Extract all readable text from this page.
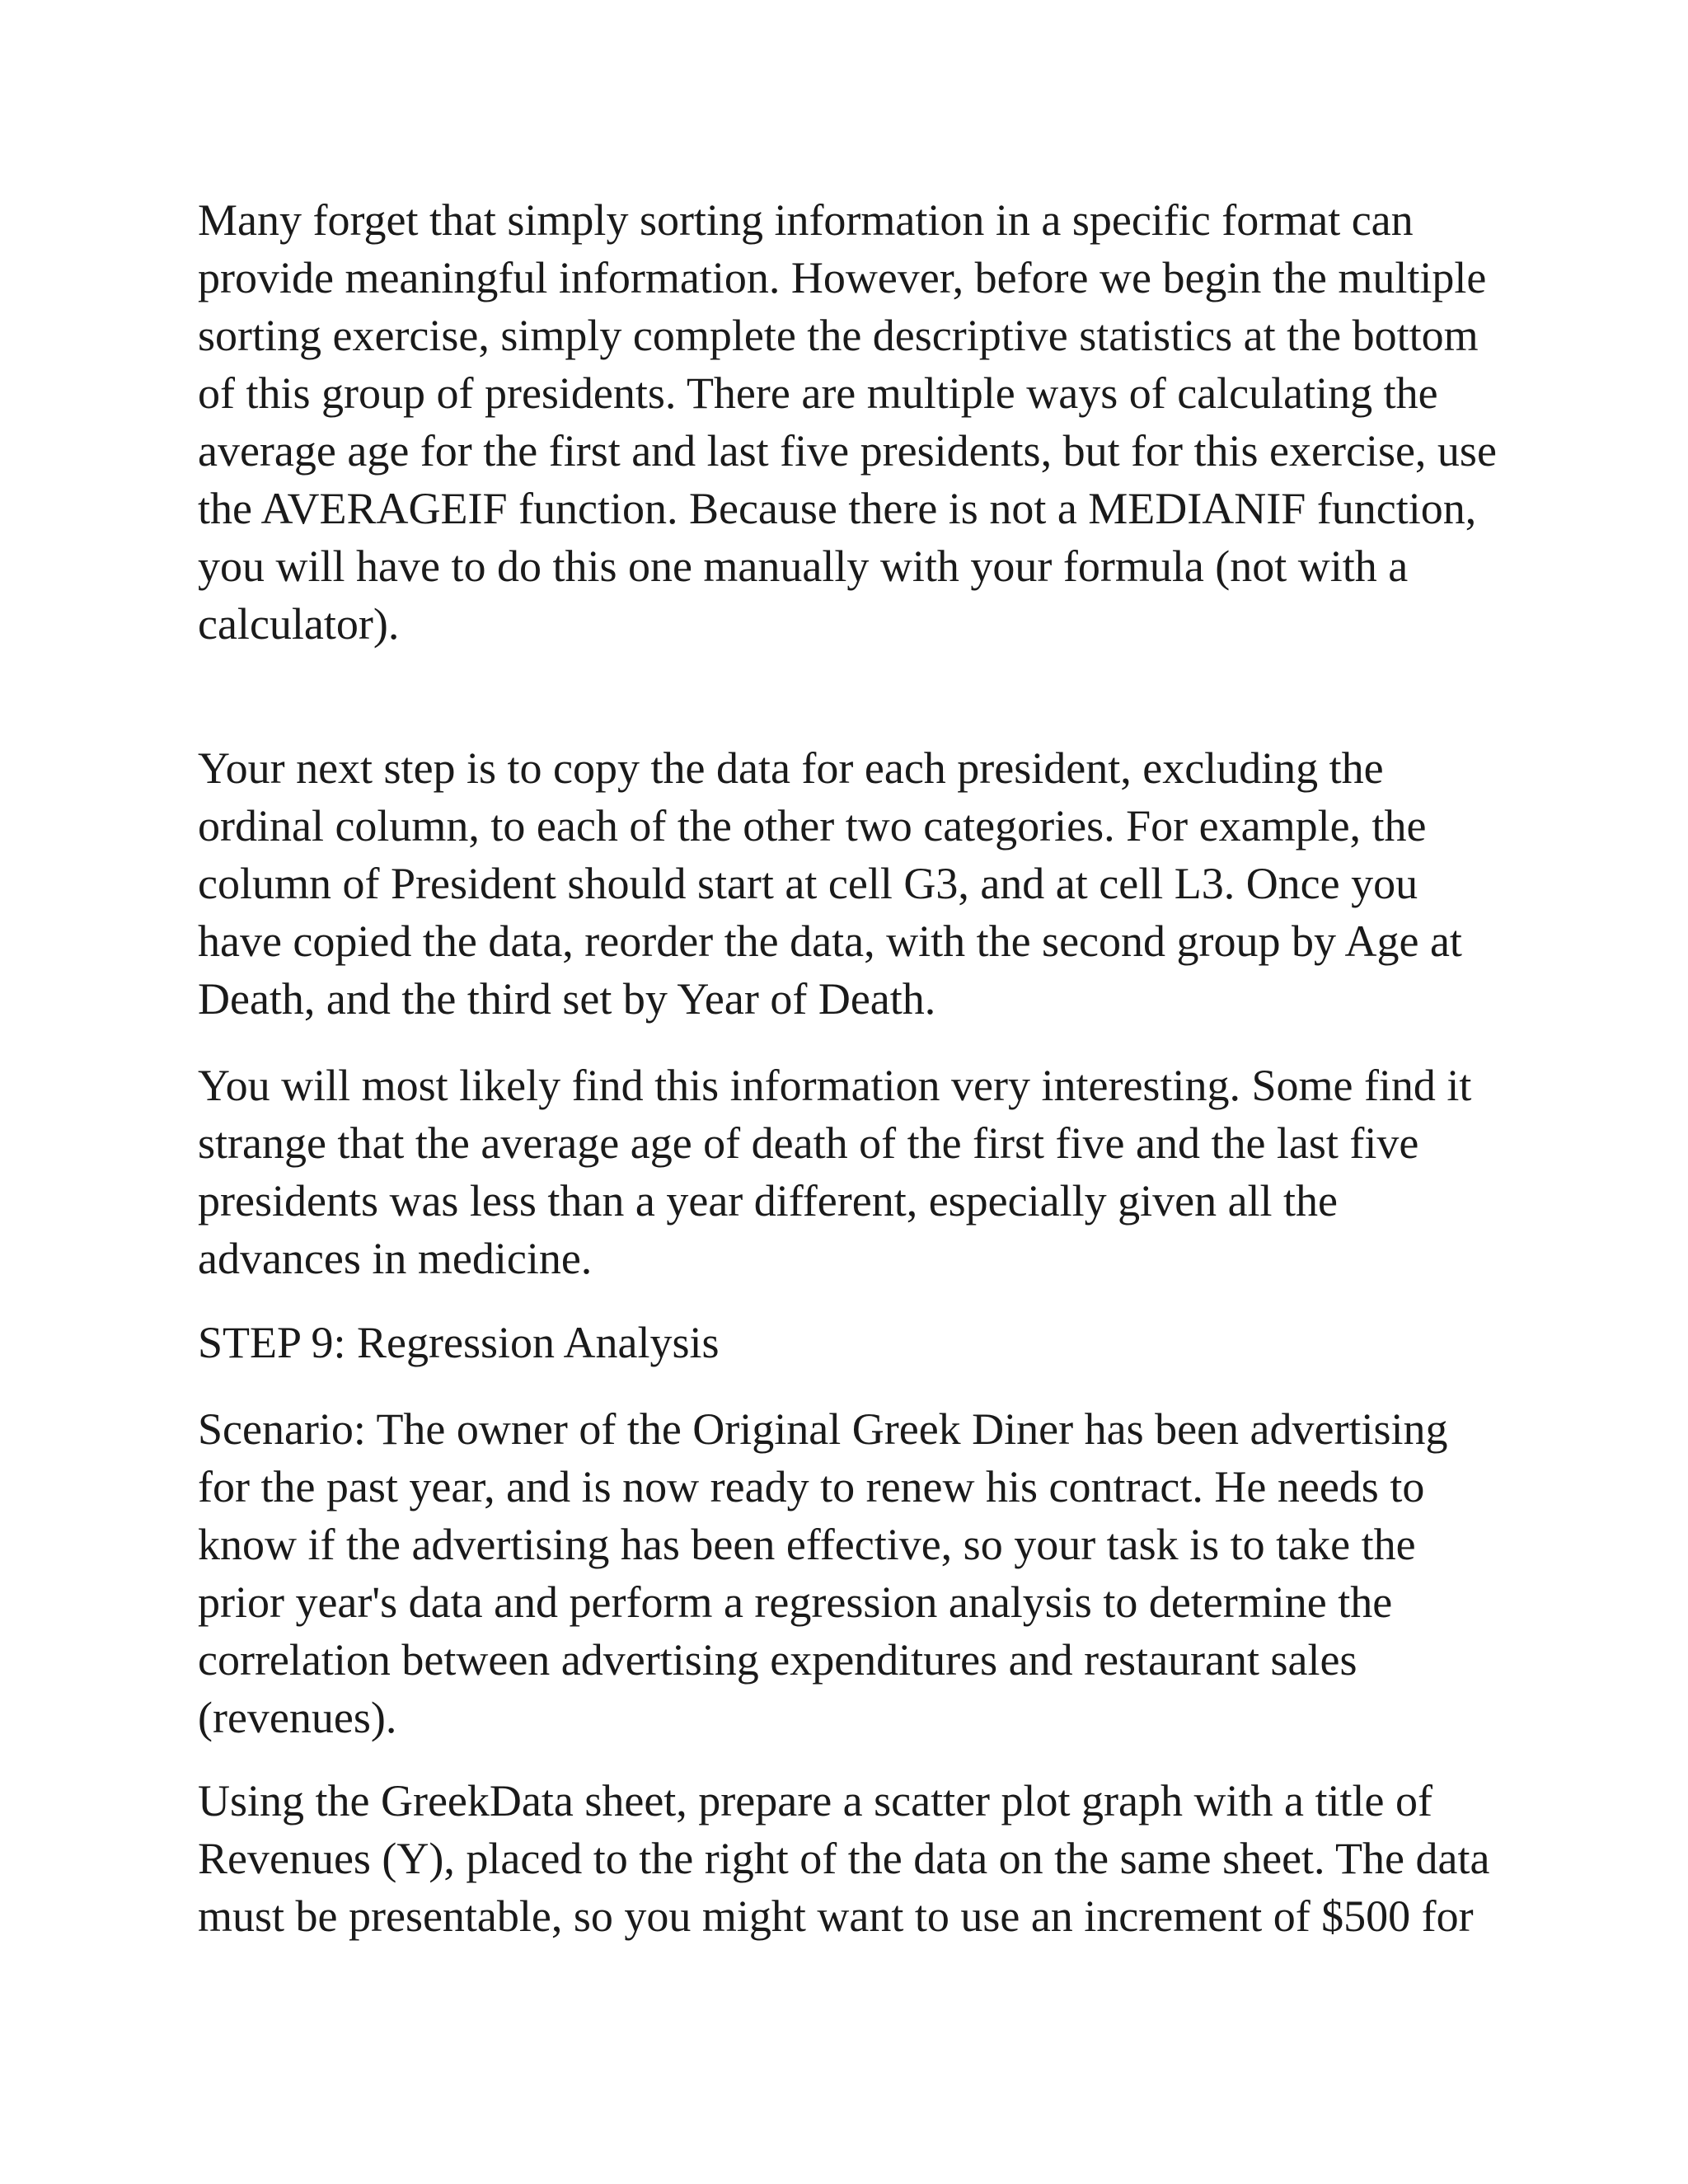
Many forget that simply sorting information in a specific format can
provide meaningful information. However, before we begin the multiple
sorting exercise, simply complete the descriptive statistics at the bottom
of this group of presidents. There are multiple ways of calculating the
average age for the first and last five presidents, but for this exercise, use
the AVERAGEIF function. Because there is not a MEDIANIF function,
you will have to do this one manually with your formula (not with a
calculator).
Your next step is to copy the data for each president, excluding the
ordinal column, to each of the other two categories. For example, the
column of President should start at cell G3, and at cell L3. Once you
have copied the data, reorder the data, with the second group by Age at
Death, and the third set by Year of Death.
You will most likely find this information very interesting. Some find it
strange that the average age of death of the first five and the last five
presidents was less than a year different, especially given all the
advances in medicine.
STEP 9: Regression Analysis
Scenario: The owner of the Original Greek Diner has been advertising
for the past year, and is now ready to renew his contract. He needs to
know if the advertising has been effective, so your task is to take the
prior year's data and perform a regression analysis to determine the
correlation between advertising expenditures and restaurant sales
(revenues).
Using the GreekData sheet, prepare a scatter plot graph with a title of
Revenues (Y), placed to the right of the data on the same sheet. The data
must be presentable, so you might want to use an increment of $500 for
